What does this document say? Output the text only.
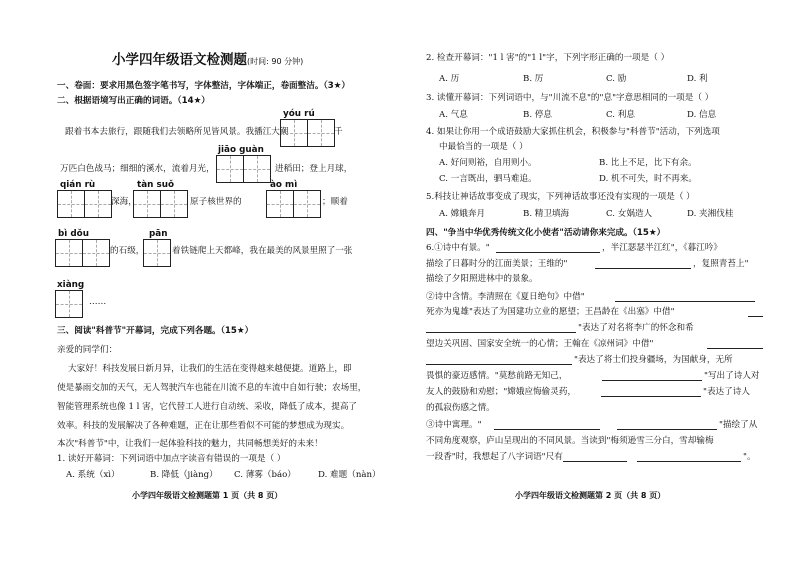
小学四年级语文检测题(时间: 90 分钟)
一、卷面：要求用黑色签字笔书写，字体整洁，字体端正，卷面整洁。（3★）
二、根据语境写出正确的词语。（14★）
yóu rú
跟着书本去旅行，跟随我们去领略所见皆风景。我播江大潮	千
jiāo guàn
万匹白色战马；细细的溪水，流着月光，	进稻田；登上月球，
qián rù	tàn suǒ	ào mì
深海，	原子核世界的	；顺着
bì dǒu	pān
的石级，	着铁链爬上天都峰，我在最美的风景里照了一张
xiàng
……
三、阅读"科普节"开幕词，完成下列各题。（15★）
亲爱的同学们：
大家好！科技发展日新月异，让我们的生活在变得越来越便捷。道路上，即
使是暴雨交加的天气，无人驾驶汽车也能在川流不息的车流中自如行驶；农场里，
智能管理系统也像 1 l 害，它代替工人进行自动统、采收，降低了成本，提高了
效率。科技的发展解决了各种难题，正在让那些看似不可能的梦想成为现实。
本次"科普节"中，让我们一起体验科技的魅力，共同畅想美好的未来！
1. 读好开幕词：下列词语中加点字读音有错误的一项是（ ）
A. 系统（xì）	B. 降低（jiàng） C. 薄雾（báo）	D. 难题（nàn）
小学四年级语文检测题第 1 页（共 8 页）
2. 检查开幕词："1 l 害"的"1 l"字，下列字形正确的一项是（ ）
A. 历	B. 厉	C. 励	D. 利
3. 读懂开幕词：下列词语中，与"川流不息"的"息"字意思相同的一项是（ ）
A. 气息	B. 停息	C. 利息	D. 信息
4. 如果让你用一个成语鼓励大家抓住机会，积极参与"科普节"活动，下列选项
中最恰当的一项是（ ）
A. 好问则裕，自用则小。	B. 比上不足，比下有余。
C. 一言既出，驷马难追。	D. 机不可失，时不再来。
5.科技让神话故事变成了现实，下列神话故事还没有实现的一项是（ ）
A. 嫦娥奔月	B. 精卫填海	C. 女娲造人	D. 夹湘伐桂
四、"争当中华优秀传统文化小使者"活动请你来完成。（15★）
6.①诗中有景。"	，半江瑟瑟半江红"，《暮江吟》
描绘了日暮时分的江面美景；王维的"	，复照青苔上"
描绘了夕阳照进林中的景象。
②诗中含情。李清照在《夏日绝句》中借"
死亦为鬼雄"表达了为国建功立业的愿望；王昌龄在《出塞》中借"
"表达了对名将李广的怀念和希
望边关巩固、国家安全统一的心情；王翰在《凉州词》中借"
"表达了将士们投身疆场，为国献身，无所
畏惧的豪迈感情。"莫愁前路无知己，	"写出了诗人对
友人的鼓励和劝慰；"嫦娥应悔偷灵药，	"表达了诗人
的孤寂伤感之情。
③诗中寓理。"	"描绘了从
不同角度观察，庐山呈现出的不同风景。当读到"梅须逊雪三分白，雪却输梅
一段香"时，我想起了八字词语"尺有	"。
小学四年级语文检测题第 2 页（共 8 页）
